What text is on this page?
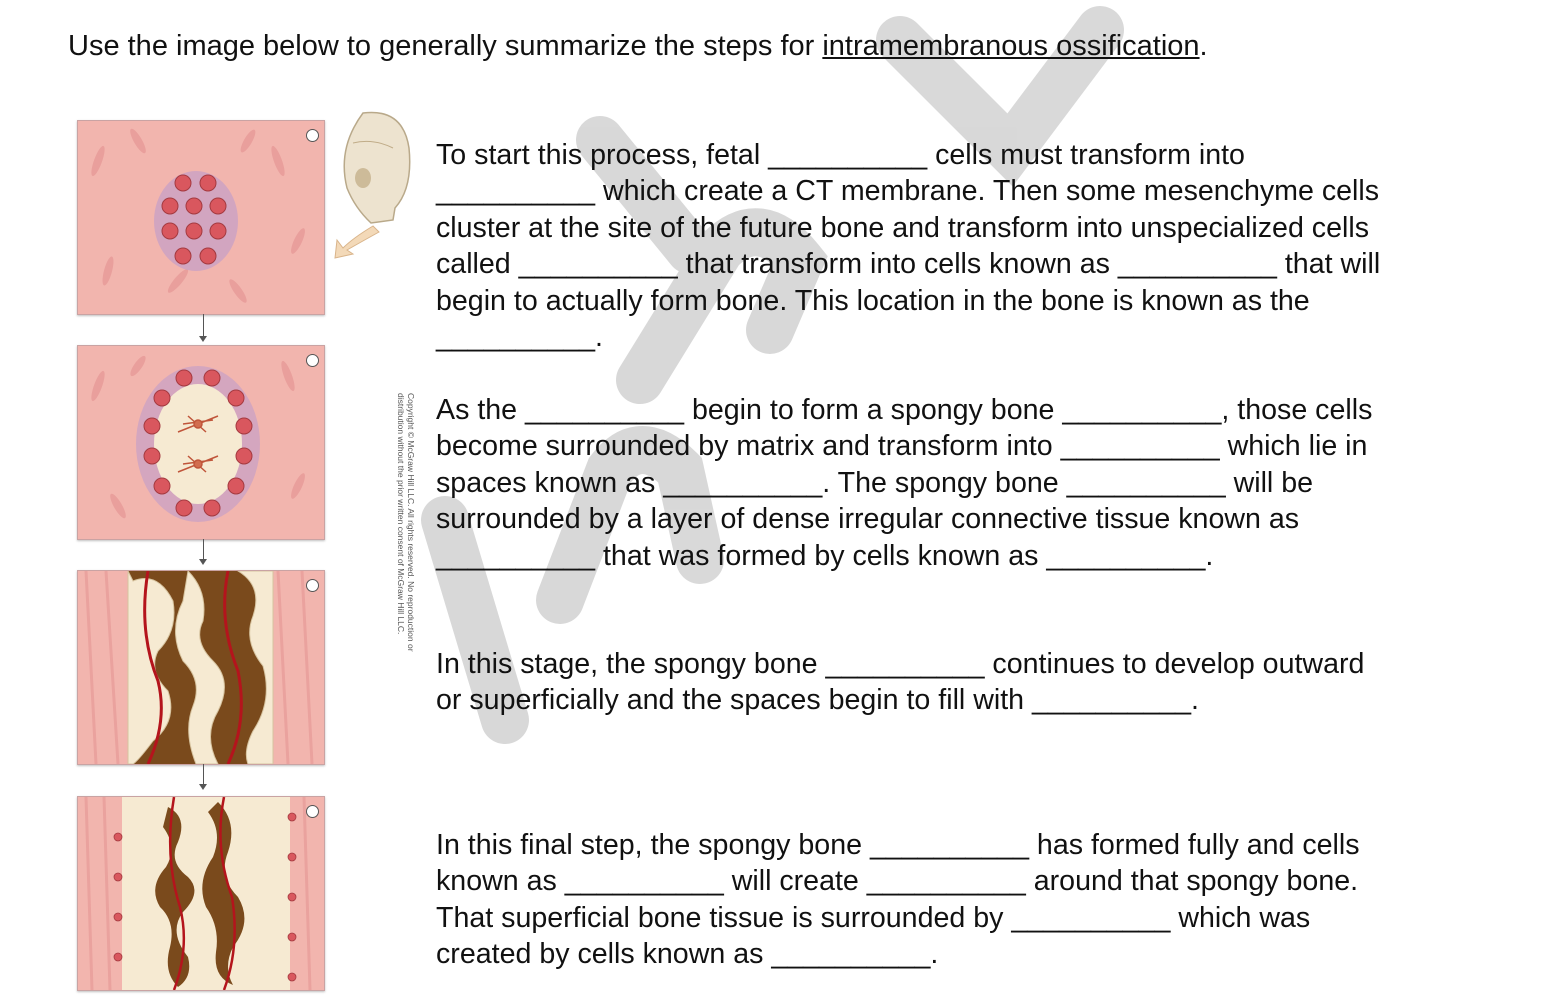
Use the image below to generally summarize the steps for intramembranous ossification.
Copyright © McGraw Hill LLC. All rights reserved. No reproduction or
distribution without the prior written consent of McGraw Hill LLC.
To start this process, fetal __________ cells must transform into
__________ which create a CT membrane. Then some mesenchyme cells
cluster at the site of the future bone and transform into unspecialized cells
called __________ that transform into cells known as __________ that will
begin to actually form bone. This location in the bone is known as the
__________.
As the __________ begin to form a spongy bone __________, those cells
become surrounded by matrix and transform into __________ which lie in
spaces known as __________. The spongy bone __________ will be
surrounded by a layer of dense irregular connective tissue known as
__________ that was formed by cells known as __________.
In this stage, the spongy bone __________ continues to develop outward
or superficially and the spaces begin to fill with __________.
In this final step, the spongy bone __________ has formed fully and cells
known as __________ will create __________ around that spongy bone.
That superficial bone tissue is surrounded by __________ which was
created by cells known as __________.
